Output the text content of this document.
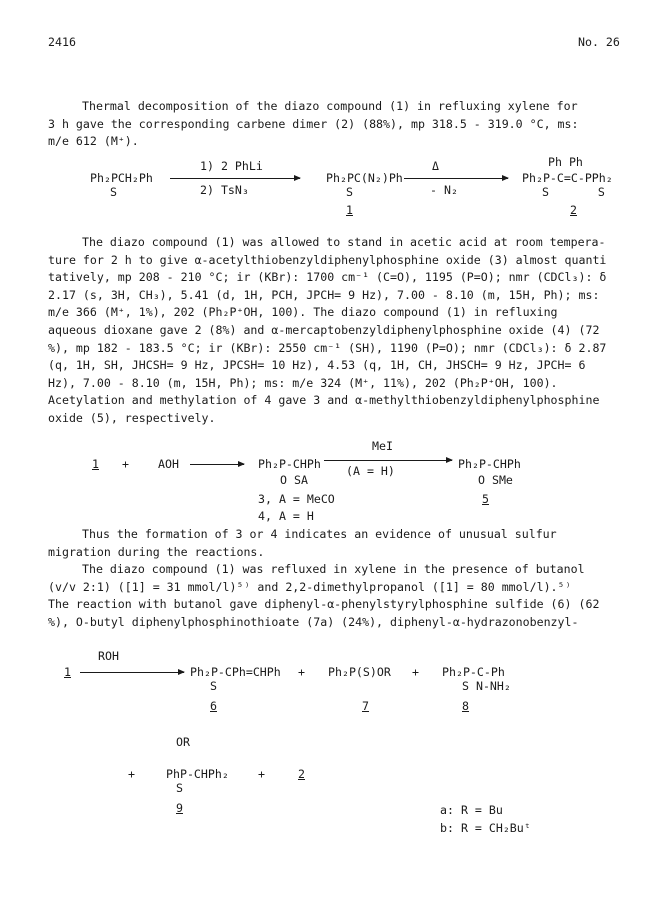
2416	No. 26
Thermal decomposition of the diazo compound (1) in refluxing xylene for
3 h gave the corresponding carbene dimer (2) (88%), mp 318.5 - 319.0 °C, ms:
m/e 612 (M⁺).
Ph₂PCH₂Ph
S
1) 2 PhLi
2) TsN₃
Ph₂PC(N₂)Ph
S
1
Δ
- N₂
Ph Ph
Ph₂P-C=C-PPh₂
S       S
2
The diazo compound (1) was allowed to stand in acetic acid at room tempera-
ture for 2 h to give α-acetylthiobenzyldiphenylphosphine oxide (3) almost quanti
tatively, mp 208 - 210 °C; ir (KBr): 1700 cm⁻¹ (C=O), 1195 (P=O); nmr (CDCl₃): δ
2.17 (s, 3H, CH₃), 5.41 (d, 1H, PCH, JPCH= 9 Hz), 7.00 - 8.10 (m, 15H, Ph); ms:
m/e 366 (M⁺, 1%), 202 (Ph₂P⁺OH, 100). The diazo compound (1) in refluxing
aqueous dioxane gave 2 (8%) and α-mercaptobenzyldiphenylphosphine oxide (4) (72
%), mp 182 - 183.5 °C; ir (KBr): 2550 cm⁻¹ (SH), 1190 (P=O); nmr (CDCl₃): δ 2.87
(q, 1H, SH, JHCSH= 9 Hz, JPCSH= 10 Hz), 4.53 (q, 1H, CH, JHSCH= 9 Hz, JPCH= 6
Hz), 7.00 - 8.10 (m, 15H, Ph); ms: m/e 324 (M⁺, 11%), 202 (Ph₂P⁺OH, 100).
Acetylation and methylation of 4 gave 3 and α-methylthiobenzyldiphenylphosphine
oxide (5), respectively.
1 +	AOH → Ph₂P-CHPh
O SA
MeI
(A = H)	Ph₂P-CHPh
O SMe
5
3, A = MeCO
4, A = H
Thus the formation of 3 or 4 indicates an evidence of unusual sulfur
migration during the reactions.
The diazo compound (1) was refluxed in xylene in the presence of butanol
(v/v 2:1) ([1] = 31 mmol/l)⁵⁾ and 2,2-dimethylpropanol ([1] = 80 mmol/l).⁵⁾
The reaction with butanol gave diphenyl-α-phenylstyrylphosphine sulfide (6) (62
%), O-butyl diphenylphosphinothioate (7a) (24%), diphenyl-α-hydrazonobenzyl-
ROH
1	Ph₂P-CPh=CHPh
S
6
+ Ph₂P(S)OR
7
+ Ph₂P-C-Ph
S N-NH₂
8
OR
+	PhP-CHPh₂
S
9
+	2
a: R = Bu
b: R = CH₂Buᵗ
